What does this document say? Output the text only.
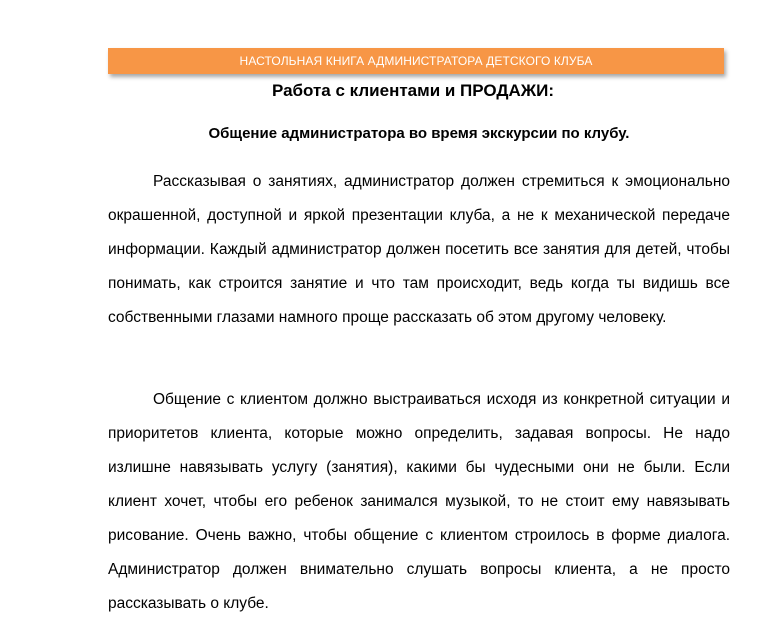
НАСТОЛЬНАЯ КНИГА АДМИНИСТРАТОРА ДЕТСКОГО КЛУБА
Работа с клиентами и ПРОДАЖИ:
Общение администратора во время экскурсии по клубу.

Рассказывая о занятиях, администратор должен стремиться к эмоционально окрашенной, доступной и яркой презентации клуба, а не к механической передаче информации. Каждый администратор должен посетить все занятия для детей, чтобы понимать, как строится занятие и что там происходит, ведь когда ты видишь все собственными глазами намного проще рассказать об этом другому человеку.

Общение с клиентом должно выстраиваться исходя из конкретной ситуации и приоритетов клиента, которые можно определить, задавая вопросы. Не надо излишне навязывать услугу (занятия), какими бы чудесными они не были. Если клиент хочет, чтобы его ребенок занимался музыкой, то не стоит ему навязывать рисование. Очень важно, чтобы общение с клиентом строилось в форме диалога. Администратор должен внимательно слушать вопросы клиента, а не просто рассказывать о клубе.
